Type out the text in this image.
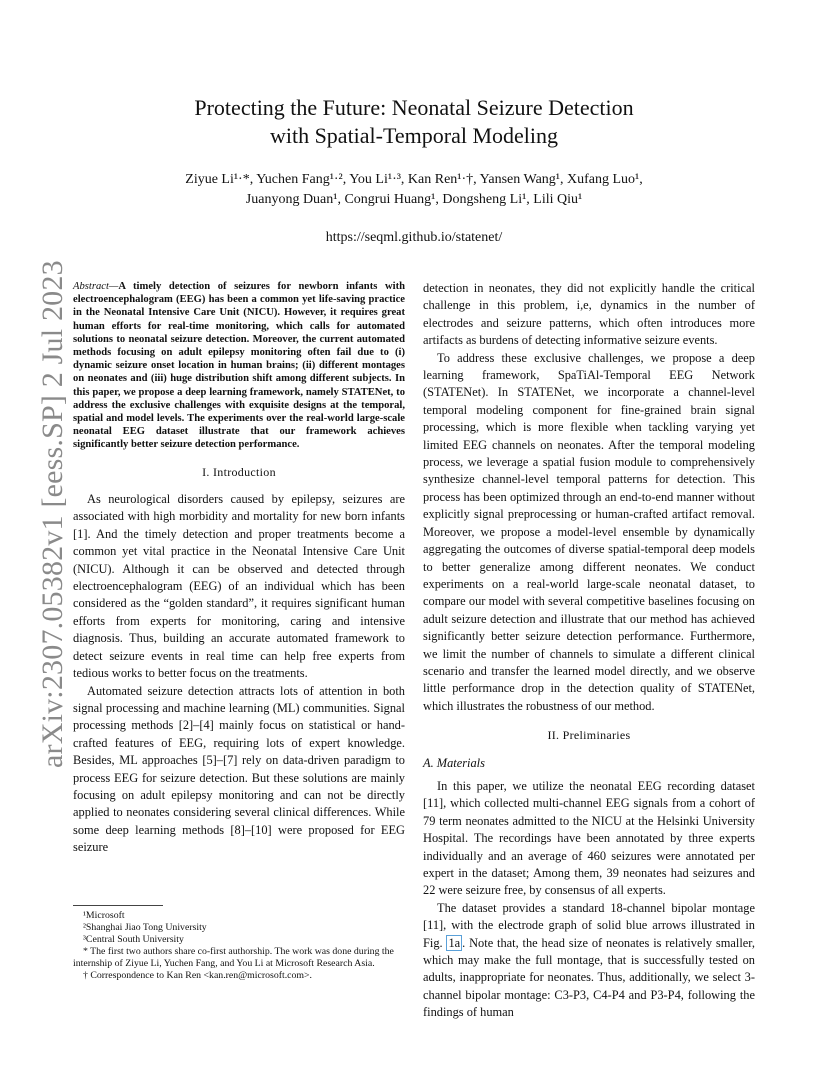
arXiv:2307.05382v1 [eess.SP] 2 Jul 2023
Protecting the Future: Neonatal Seizure Detection
with Spatial-Temporal Modeling
Ziyue Li¹·*, Yuchen Fang¹·², You Li¹·³, Kan Ren¹·†, Yansen Wang¹, Xufang Luo¹,
Juanyong Duan¹, Congrui Huang¹, Dongsheng Li¹, Lili Qiu¹
https://seqml.github.io/statenet/
Abstract—A timely detection of seizures for newborn infants with electroencephalogram (EEG) has been a common yet life-saving practice in the Neonatal Intensive Care Unit (NICU). However, it requires great human efforts for real-time monitoring, which calls for automated solutions to neonatal seizure detection. Moreover, the current automated methods focusing on adult epilepsy monitoring often fail due to (i) dynamic seizure onset location in human brains; (ii) different montages on neonates and (iii) huge distribution shift among different subjects. In this paper, we propose a deep learning framework, namely STATENet, to address the exclusive challenges with exquisite designs at the temporal, spatial and model levels. The experiments over the real-world large-scale neonatal EEG dataset illustrate that our framework achieves significantly better seizure detection performance.
I. Introduction

As neurological disorders caused by epilepsy, seizures are associated with high morbidity and mortality for new born infants [1]. And the timely detection and proper treatments become a common yet vital practice in the Neonatal Intensive Care Unit (NICU). Although it can be observed and detected through electroencephalogram (EEG) of an individual which has been considered as the “golden standard”, it requires significant human efforts from experts for monitoring, caring and intensive diagnosis. Thus, building an accurate automated framework to detect seizure events in real time can help free experts from tedious works to better focus on the treatments.

Automated seizure detection attracts lots of attention in both signal processing and machine learning (ML) communities. Signal processing methods [2]–[4] mainly focus on statistical or hand-crafted features of EEG, requiring lots of expert knowledge. Besides, ML approaches [5]–[7] rely on data-driven paradigm to process EEG for seizure detection. But these solutions are mainly focusing on adult epilepsy monitoring and can not be directly applied to neonates considering several clinical differences. While some deep learning methods [8]–[10] were proposed for EEG seizure

detection in neonates, they did not explicitly handle the critical challenge in this problem, i,e, dynamics in the number of electrodes and seizure patterns, which often introduces more artifacts as burdens of detecting informative seizure events.

To address these exclusive challenges, we propose a deep learning framework, SpaTiAl-Temporal EEG Network (STATENet). In STATENet, we incorporate a channel-level temporal modeling component for fine-grained brain signal processing, which is more flexible when tackling varying yet limited EEG channels on neonates. After the temporal modeling process, we leverage a spatial fusion module to comprehensively synthesize channel-level temporal patterns for detection. This process has been optimized through an end-to-end manner without explicitly signal preprocessing or human-crafted artifact removal. Moreover, we propose a model-level ensemble by dynamically aggregating the outcomes of diverse spatial-temporal deep models to better generalize among different neonates. We conduct experiments on a real-world large-scale neonatal dataset, to compare our model with several competitive baselines focusing on adult seizure detection and illustrate that our method has achieved significantly better seizure detection performance. Furthermore, we limit the number of channels to simulate a different clinical scenario and transfer the learned model directly, and we observe little performance drop in the detection quality of STATENet, which illustrates the robustness of our method.

II. Preliminaries
A. Materials

In this paper, we utilize the neonatal EEG recording dataset [11], which collected multi-channel EEG signals from a cohort of 79 term neonates admitted to the NICU at the Helsinki University Hospital. The recordings have been annotated by three experts individually and an average of 460 seizures were annotated per expert in the dataset; Among them, 39 neonates had seizures and 22 were seizure free, by consensus of all experts.

The dataset provides a standard 18-channel bipolar montage [11], with the electrode graph of solid blue arrows illustrated in Fig. 1a . Note that, the head size of neonates is relatively smaller, which may make the full montage, that is successfully tested on adults, inappropriate for neonates. Thus, additionally, we select 3-channel bipolar montage: C3-P3, C4-P4 and P3-P4, following the findings of human

¹Microsoft
²Shanghai Jiao Tong University
³Central South University
* The first two authors share co-first authorship. The work was done during the internship of Ziyue Li, Yuchen Fang, and You Li at Microsoft Research Asia.
† Correspondence to Kan Ren <kan.ren@microsoft.com>.
